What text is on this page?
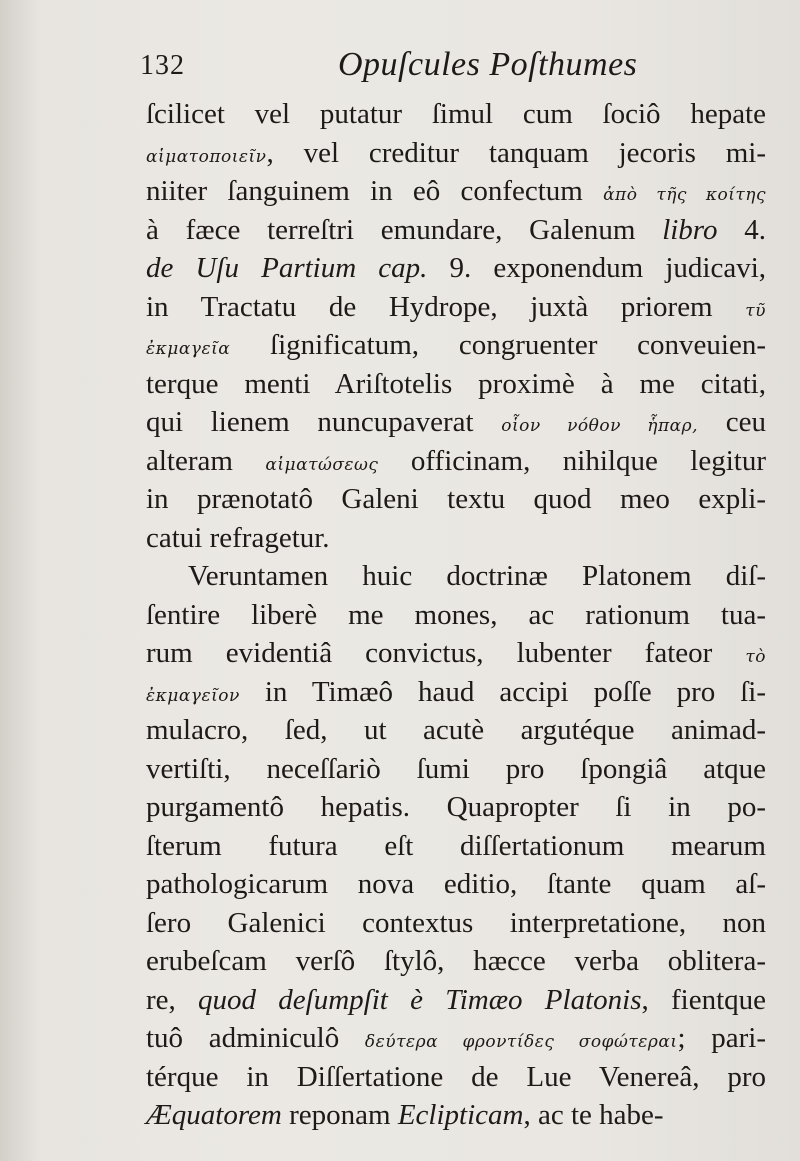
132	Opuſcules Poſthumes
ſcilicet vel putatur ſimul cum ſociô hepate
αἱματοποιεῖν, vel creditur tanquam jecoris mi-
niiter ſanguinem in eô confectum ἀπὸ τῆς κοίτης
à fæce terreſtri emundare, Galenum libro 4.
de Uſu Partium cap. 9. exponendum judicavi,
in Tractatu de Hydrope, juxtà priorem τῦ
ἐκμαγεῖα ſignificatum, congruenter conveuien-
terque menti Ariſtotelis proximè à me citati,
qui lienem nuncupaverat οἷον νόθον ἧπαρ, ceu
alteram αἱματώσεως officinam, nihilque legitur
in prænotatô Galeni textu quod meo expli-
catui refragetur.
Veruntamen huic doctrinæ Platonem diſ-
ſentire liberè me mones, ac rationum tua-
rum evidentiâ convictus, lubenter fateor τὸ
ἐκμαγεῖον in Timæô haud accipi poſſe pro ſi-
mulacro, ſed, ut acutè argutéque animad-
vertiſti, neceſſariò ſumi pro ſpongiâ atque
purgamentô hepatis. Quapropter ſi in po-
ſterum futura eſt diſſertationum mearum
pathologicarum nova editio, ſtante quam aſ-
ſero Galenici contextus interpretatione, non
erubeſcam verſô ſtylô, hæcce verba oblitera-
re, quod deſumpſit è Timæo Platonis, fientque
tuô adminiculô δεύτερα φροντίδες σοφώτεραι; pari-
térque in Diſſertatione de Lue Venereâ, pro
Æquatorem reponam Eclipticam, ac te habe-
